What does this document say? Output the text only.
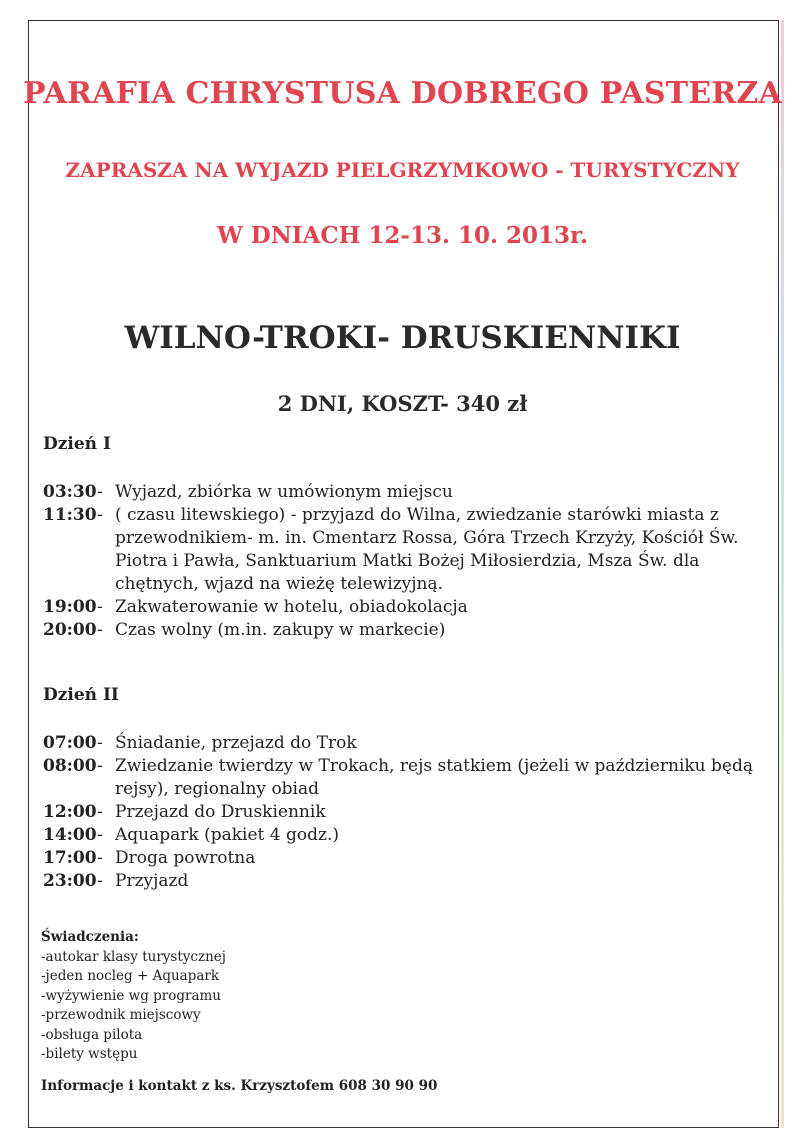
PARAFIA CHRYSTUSA DOBREGO PASTERZA
ZAPRASZA NA WYJAZD PIELGRZYMKOWO - TURYSTYCZNY
W DNIACH 12-13. 10. 2013r.
WILNO-TROKI- DRUSKIENNIKI
2 DNI, KOSZT- 340 zł
Dzień I
03:30 - Wyjazd, zbiórka w umówionym miejscu
11:30 - ( czasu litewskiego) - przyjazd do Wilna, zwiedzanie starówki miasta z przewodnikiem- m. in. Cmentarz Rossa, Góra Trzech Krzyży, Kościół Św. Piotra i Pawła, Sanktuarium Matki Bożej Miłosierdzia, Msza Św. dla chętnych, wjazd na wieżę telewizyjną.
19:00 - Zakwaterowanie w hotelu, obiadokolacja
20:00 - Czas wolny (m.in. zakupy w markecie)
Dzień II
07:00 - Śniadanie, przejazd do Trok
08:00 - Zwiedzanie twierdzy w Trokach, rejs statkiem (jeżeli w październiku będą rejsy), regionalny obiad
12:00 - Przejazd do Druskiennik
14:00 - Aquapark (pakiet 4 godz.)
17:00 - Droga powrotna
23:00 - Przyjazd
Świadczenia:
-autokar klasy turystycznej
-jeden nocleg + Aquapark
-wyżywienie wg programu
-przewodnik miejscowy
-obsługa pilota
-bilety wstępu
Informacje i kontakt z ks. Krzysztofem 608 30 90 90
